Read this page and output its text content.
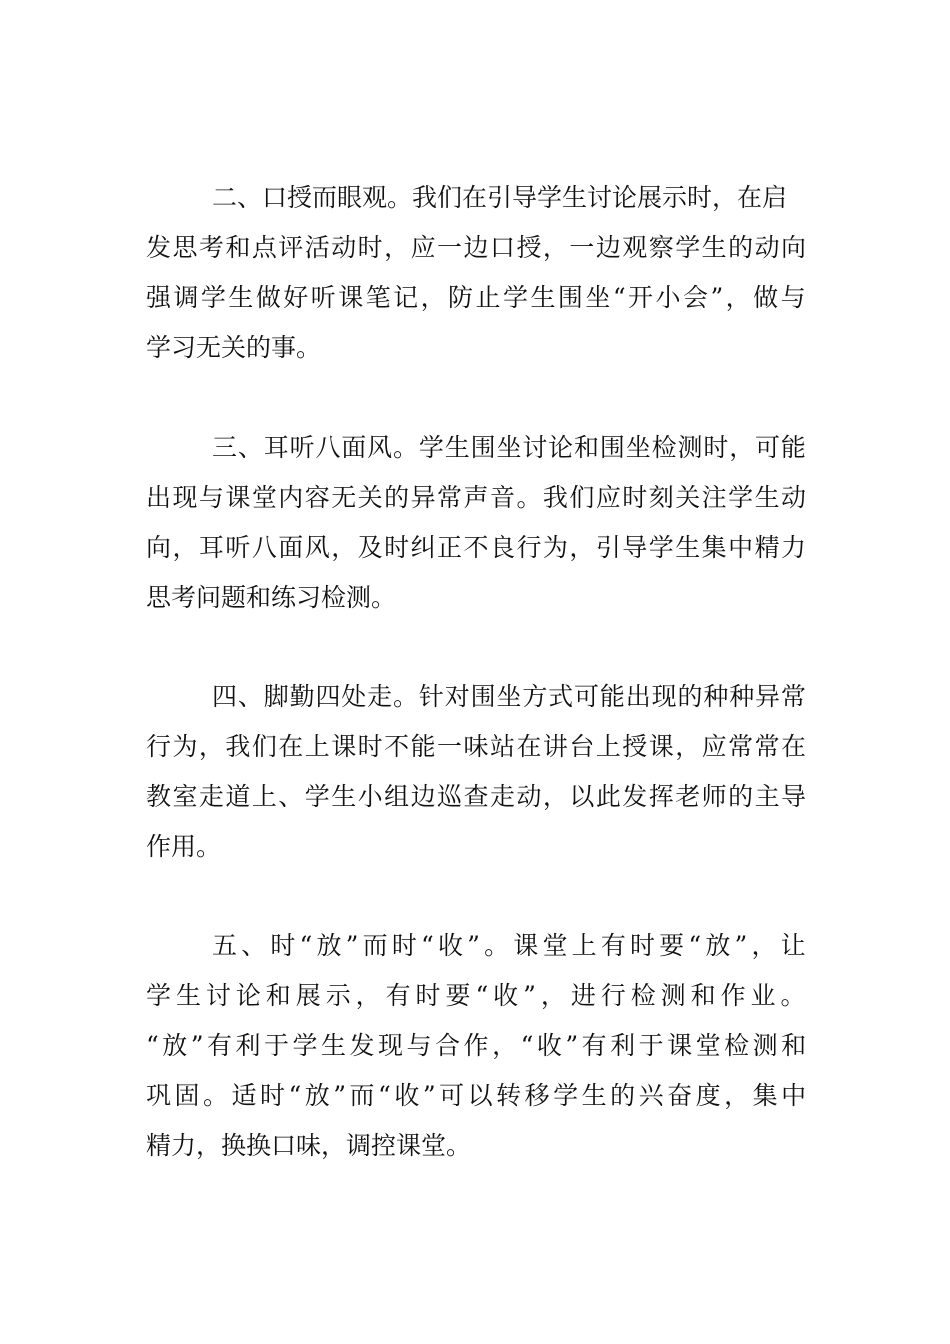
二、口授而眼观。我们在引导学生讨论展示时，在启
发思考和点评活动时，应一边口授，一边观察学生的动向
强调学生做好听课笔记，防止学生围坐“开小会”，做与
学习无关的事。
三、耳听八面风。学生围坐讨论和围坐检测时，可能
出现与课堂内容无关的异常声音。我们应时刻关注学生动
向，耳听八面风，及时纠正不良行为，引导学生集中精力
思考问题和练习检测。
四、脚勤四处走。针对围坐方式可能出现的种种异常
行为，我们在上课时不能一味站在讲台上授课，应常常在
教室走道上、学生小组边巡查走动，以此发挥老师的主导
作用。
五、时“放”而时“收”。课堂上有时要“放”，让
学生讨论和展示，有时要“收”，进行检测和作业。
“放”有利于学生发现与合作，“收”有利于课堂检测和
巩固。适时“放”而“收”可以转移学生的兴奋度，集中
精力，换换口味，调控课堂。
